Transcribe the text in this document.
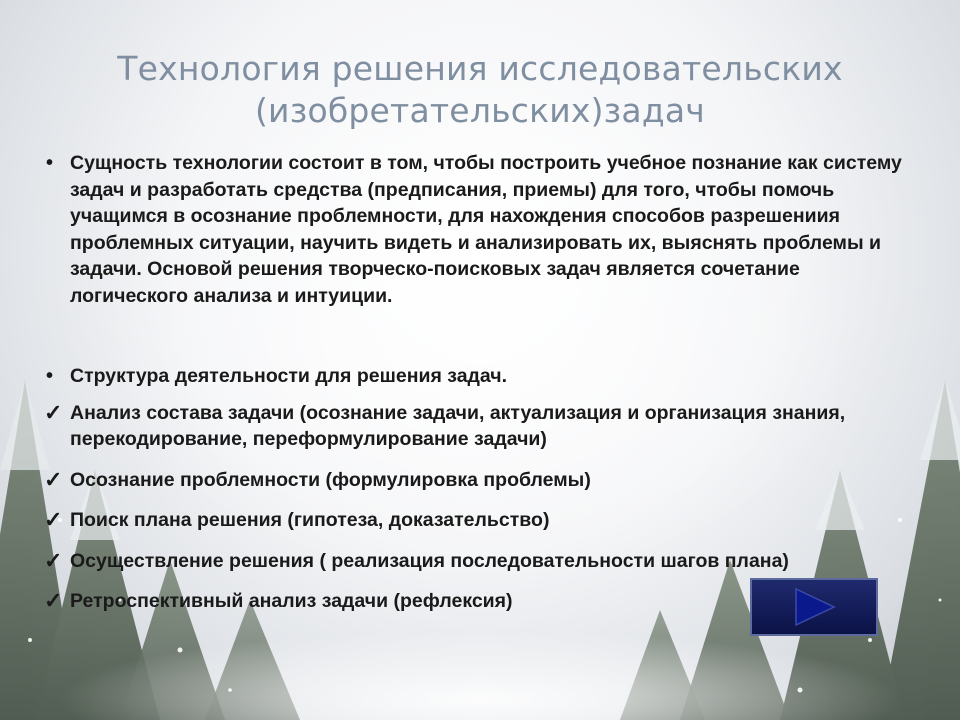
Технология решения исследовательских (изобретательских)задач
• Сущность технологии состоит в том, чтобы построить учебное познание как систему задач и разработать средства (предписания, приемы) для того, чтобы помочь учащимся в осознание проблемности, для нахождения способов разрешениия проблемных ситуации, научить видеть и анализировать их, выяснять проблемы и задачи. Основой решения творческо-поисковых задач является сочетание логического анализа и интуиции.
• Структура деятельности для решения задач.
✓ Анализ состава задачи (осознание задачи, актуализация и организация знания, перекодирование, переформулирование задачи)
✓ Осознание проблемности (формулировка проблемы)
✓ Поиск плана решения (гипотеза, доказательство)
✓ Осуществление решения ( реализация последовательности шагов плана)
✓ Ретроспективный анализ задачи (рефлексия)
